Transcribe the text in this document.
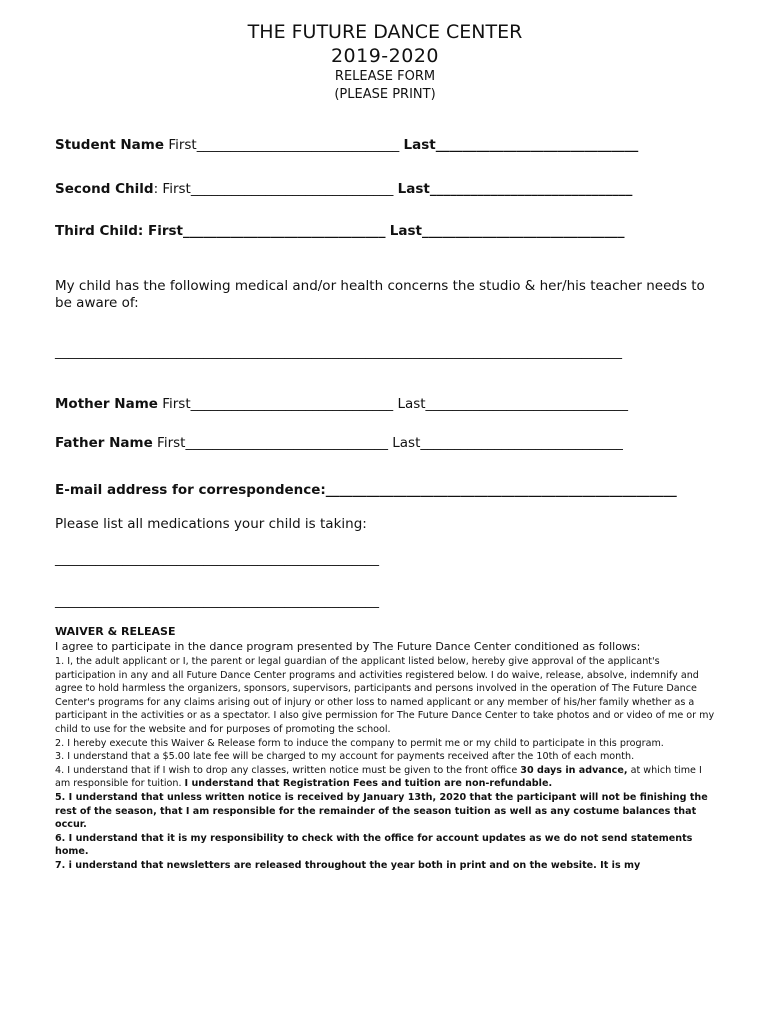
THE FUTURE DANCE CENTER
2019-2020
RELEASE FORM
(PLEASE PRINT)
Student Name First______________________________ Last______________________________
Second Child: First______________________________ Last______________________________
Third Child: First______________________________ Last______________________________
My child has the following medical and/or health concerns the studio & her/his teacher needs to be aware of:
____________________________________________________________________________________
Mother Name First______________________________ Last______________________________
Father Name First______________________________ Last______________________________
E-mail address for correspondence:____________________________________________________
Please list all medications your child is taking:
________________________________________________
________________________________________________
WAIVER & RELEASE
I agree to participate in the dance program presented by The Future Dance Center conditioned as follows:

1. I, the adult applicant or I, the parent or legal guardian of the applicant listed below, hereby give approval of the applicant's participation in any and all Future Dance Center programs and activities registered below. I do waive, release, absolve, indemnify and agree to hold harmless the organizers, sponsors, supervisors, participants and persons involved in the operation of The Future Dance Center's programs for any claims arising out of injury or other loss to named applicant or any member of his/her family whether as a participant in the activities or as a spectator. I also give permission for The Future Dance Center to take photos and or video of me or my child to use for the website and for purposes of promoting the school.

2. I hereby execute this Waiver & Release form to induce the company to permit me or my child to participate in this program.

3. I understand that a $5.00 late fee will be charged to my account for payments received after the 10th of each month.

4. I understand that if I wish to drop any classes, written notice must be given to the front office 30 days in advance, at which time I am responsible for tuition. I understand that Registration Fees and tuition are non-refundable.

5. I understand that unless written notice is received by January 13th, 2020 that the participant will not be finishing the rest of the season, that I am responsible for the remainder of the season tuition as well as any costume balances that occur.

6. I understand that it is my responsibility to check with the office for account updates as we do not send statements home.

7. i understand that newsletters are released throughout the year both in print and on the website. It is my
